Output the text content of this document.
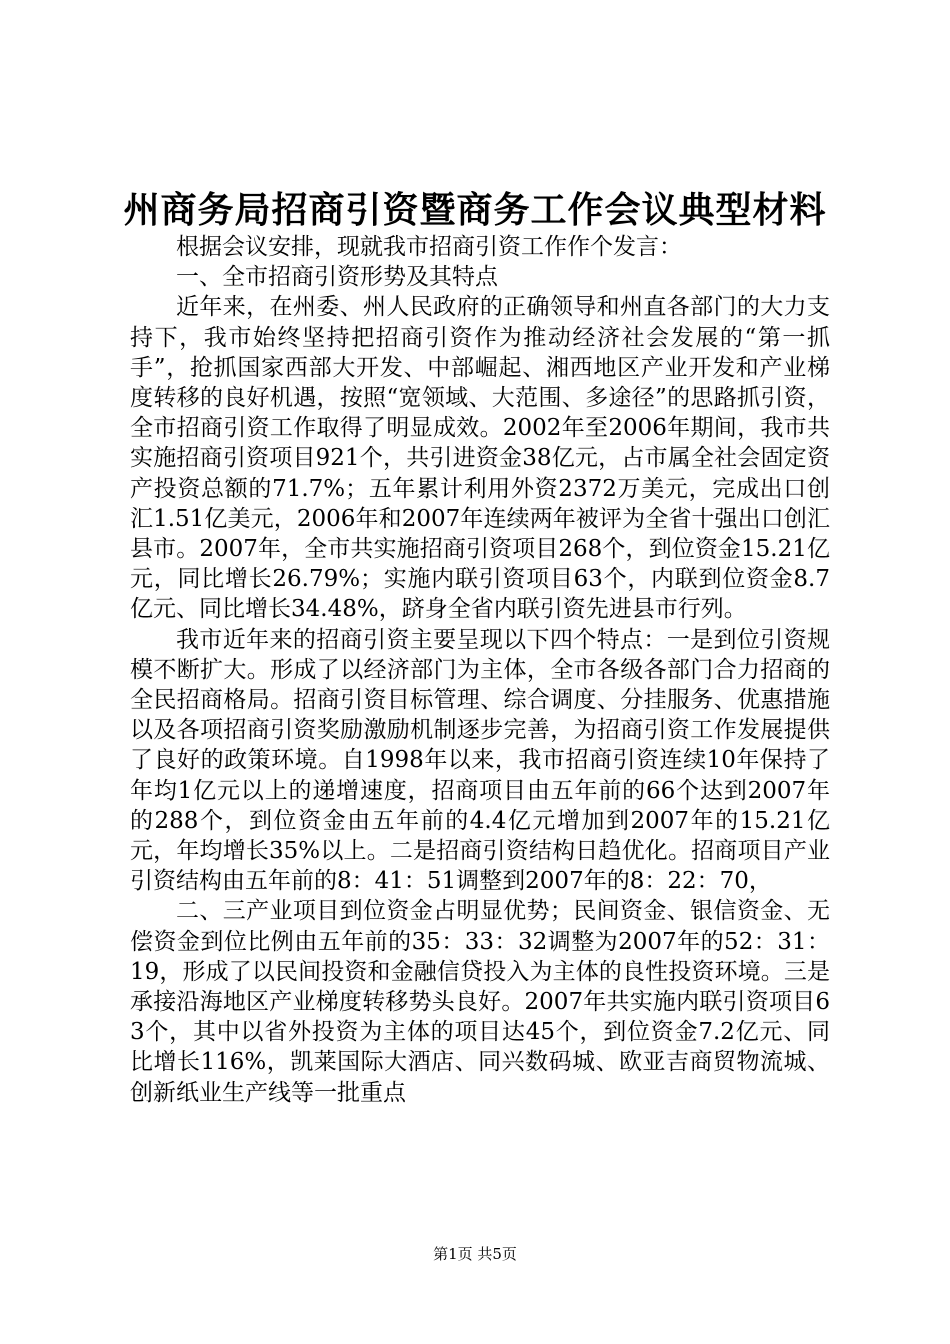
州商务局招商引资暨商务工作会议典型材料

根据会议安排，现就我市招商引资工作作个发言：

一、全市招商引资形势及其特点

近年来，在州委、州人民政府的正确领导和州直各部门的大力支持下，我市始终坚持把招商引资作为推动经济社会发展的“第一抓手”，抢抓国家西部大开发、中部崛起、湘西地区产业开发和产业梯度转移的良好机遇，按照“宽领域、大范围、多途径”的思路抓引资，全市招商引资工作取得了明显成效。2002年至2006年期间，我市共实施招商引资项目921个，共引进资金38亿元，占市属全社会固定资产投资总额的71.7%；五年累计利用外资2372万美元，完成出口创汇1.51亿美元，2006年和2007年连续两年被评为全省十强出口创汇县市。2007年，全市共实施招商引资项目268个，到位资金15.21亿元，同比增长26.79%；实施内联引资项目63个，内联到位资金8.7亿元、同比增长34.48%，跻身全省内联引资先进县市行列。

我市近年来的招商引资主要呈现以下四个特点：一是到位引资规模不断扩大。形成了以经济部门为主体，全市各级各部门合力招商的全民招商格局。招商引资目标管理、综合调度、分挂服务、优惠措施以及各项招商引资奖励激励机制逐步完善，为招商引资工作发展提供了良好的政策环境。自1998年以来，我市招商引资连续10年保持了年均1亿元以上的递增速度，招商项目由五年前的66个达到2007年的288个，到位资金由五年前的4.4亿元增加到2007年的15.21亿元，年均增长35%以上。二是招商引资结构日趋优化。招商项目产业引资结构由五年前的8：41：51调整到2007年的8：22：70，

二、三产业项目到位资金占明显优势；民间资金、银信资金、无偿资金到位比例由五年前的35：33：32调整为2007年的52：31：19，形成了以民间投资和金融信贷投入为主体的良性投资环境。三是承接沿海地区产业梯度转移势头良好。2007年共实施内联引资项目63个，其中以省外投资为主体的项目达45个，到位资金7.2亿元、同比增长116%，凯莱国际大酒店、同兴数码城、欧亚吉商贸物流城、创新纸业生产线等一批重点

第1页 共5页
